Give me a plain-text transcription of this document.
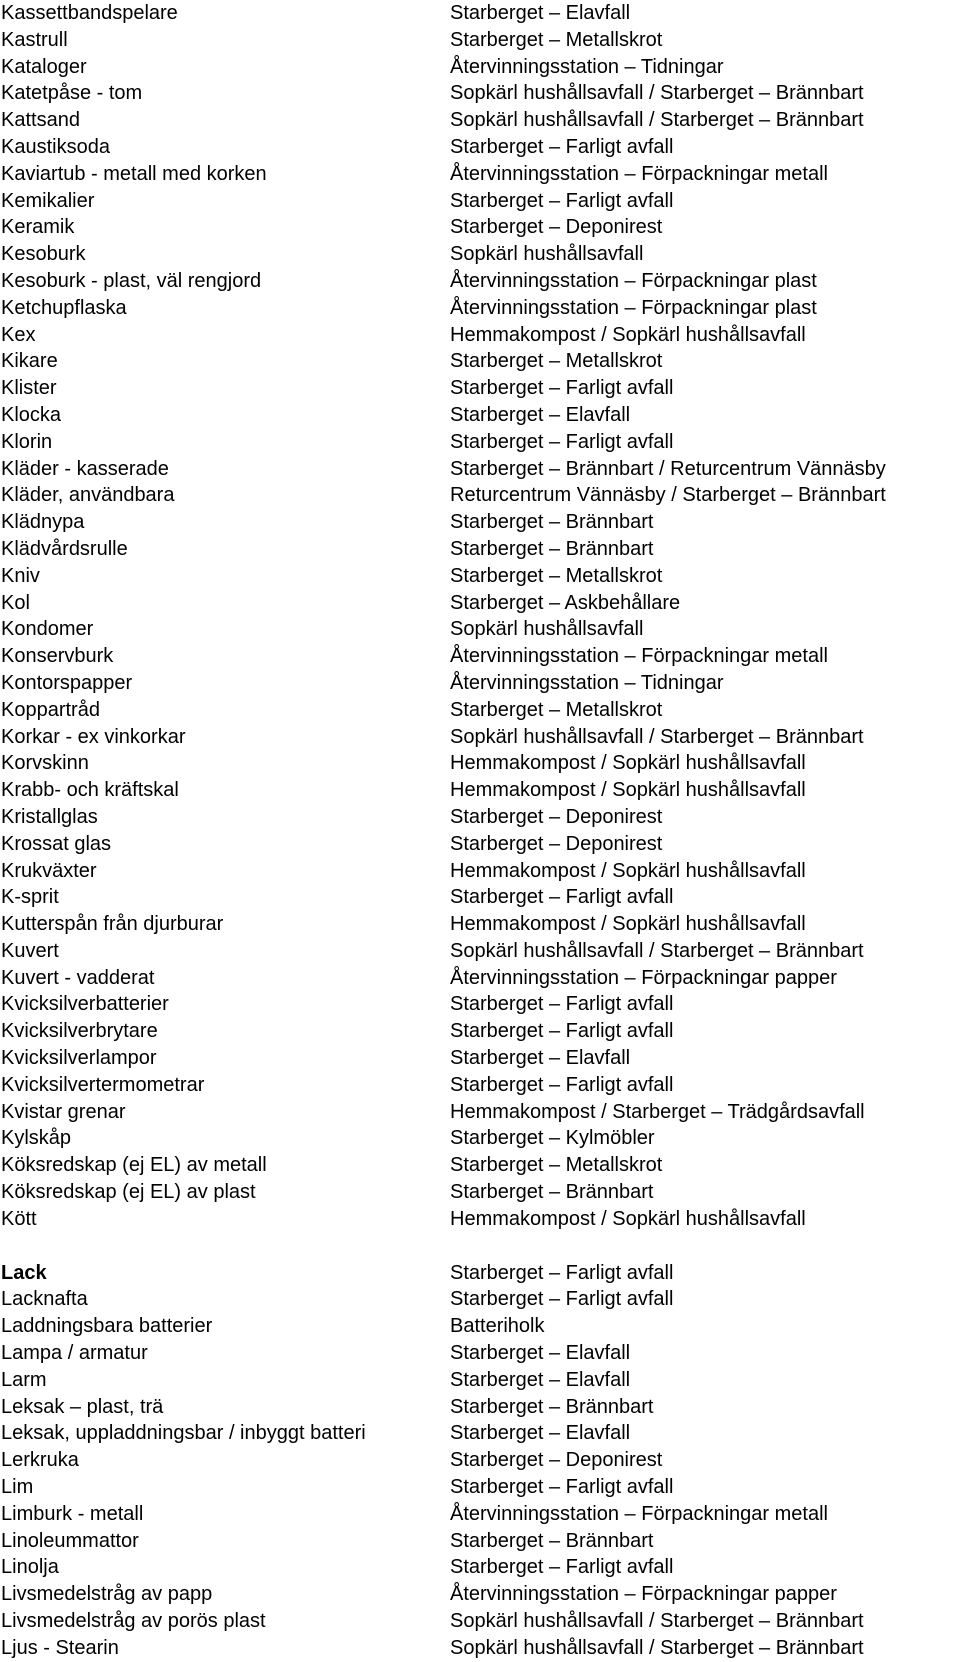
Kassettbandspelare	Starberget – Elavfall
Kastrull	Starberget – Metallskrot
Kataloger	Återvinningsstation – Tidningar
Katetpåse - tom	Sopkärl hushållsavfall / Starberget – Brännbart
Kattsand	Sopkärl hushållsavfall / Starberget – Brännbart
Kaustiksoda	Starberget – Farligt avfall
Kaviartub - metall med korken	Återvinningsstation – Förpackningar metall
Kemikalier	Starberget – Farligt avfall
Keramik	Starberget – Deponirest
Kesoburk	Sopkärl hushållsavfall
Kesoburk - plast, väl rengjord	Återvinningsstation – Förpackningar plast
Ketchupflaska	Återvinningsstation – Förpackningar plast
Kex	Hemmakompost / Sopkärl hushållsavfall
Kikare	Starberget – Metallskrot
Klister	Starberget – Farligt avfall
Klocka	Starberget – Elavfall
Klorin	Starberget – Farligt avfall
Kläder - kasserade	Starberget – Brännbart / Returcentrum Vännäsby
Kläder, användbara	Returcentrum Vännäsby / Starberget – Brännbart
Klädnypa	Starberget – Brännbart
Klädvårdsrulle	Starberget – Brännbart
Kniv	Starberget – Metallskrot
Kol	Starberget – Askbehållare
Kondomer	Sopkärl hushållsavfall
Konservburk	Återvinningsstation – Förpackningar metall
Kontorspapper	Återvinningsstation – Tidningar
Koppartråd	Starberget – Metallskrot
Korkar - ex vinkorkar	Sopkärl hushållsavfall / Starberget – Brännbart
Korvskinn	Hemmakompost / Sopkärl hushållsavfall
Krabb- och kräftskal	Hemmakompost / Sopkärl hushållsavfall
Kristallglas	Starberget – Deponirest
Krossat glas	Starberget – Deponirest
Krukväxter	Hemmakompost / Sopkärl hushållsavfall
K-sprit	Starberget – Farligt avfall
Kutterspån från djurburar	Hemmakompost / Sopkärl hushållsavfall
Kuvert	Sopkärl hushållsavfall / Starberget – Brännbart
Kuvert - vadderat	Återvinningsstation – Förpackningar papper
Kvicksilverbatterier	Starberget – Farligt avfall
Kvicksilverbrytare	Starberget – Farligt avfall
Kvicksilverlampor	Starberget – Elavfall
Kvicksilvertermometrar	Starberget – Farligt avfall
Kvistar grenar	Hemmakompost / Starberget – Trädgårdsavfall
Kylskåp	Starberget – Kylmöbler
Köksredskap (ej EL) av metall	Starberget – Metallskrot
Köksredskap (ej EL) av plast	Starberget – Brännbart
Kött	Hemmakompost / Sopkärl hushållsavfall
Lack	Starberget – Farligt avfall
Lacknafta	Starberget – Farligt avfall
Laddningsbara batterier	Batteriholk
Lampa / armatur	Starberget – Elavfall
Larm	Starberget – Elavfall
Leksak – plast, trä	Starberget – Brännbart
Leksak, uppladdningsbar / inbyggt batteri	Starberget – Elavfall
Lerkruka	Starberget – Deponirest
Lim	Starberget – Farligt avfall
Limburk - metall	Återvinningsstation – Förpackningar metall
Linoleummattor	Starberget – Brännbart
Linolja	Starberget – Farligt avfall
Livsmedelstråg av papp	Återvinningsstation – Förpackningar papper
Livsmedelstråg av porös plast	Sopkärl hushållsavfall / Starberget – Brännbart
Ljus - Stearin	Sopkärl hushållsavfall / Starberget – Brännbart
